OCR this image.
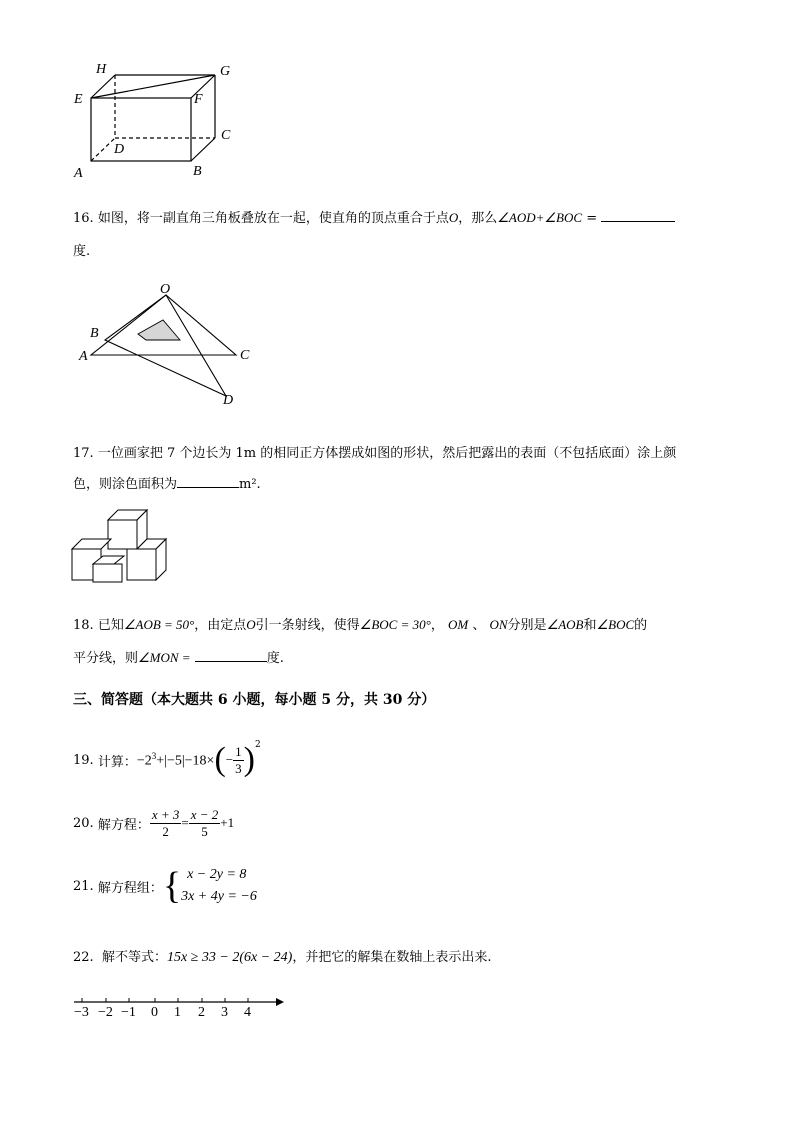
H	G
E	F
C
D
A	B
16. 如图，将一副直角三角板叠放在一起，使直角的顶点重合于点O，那么∠AOD+∠BOC =
度.
O
B
A	C
D
17. 一位画家把 7 个边长为 1m 的相同正方体摆成如图的形状，然后把露出的表面（不包括底面）涂上颜
色，则涂色面积为	m².
18. 已知∠AOB = 50°，由定点O引一条射线，使得∠BOC = 30°， OM 、 ON分别是∠AOB和∠BOC的
平分线，则∠MON =	度.
三、简答题（本大题共 6 小题，每小题 5 分，共 30 分）
19.
计算： $-2^3+|-5|-18\times$ ( − $\frac{1}{3} )^2$
20.
解方程： $\frac{x + 3}{2} = \frac{x - 2}{5} +1$
21.
解方程组： { x − 2y = 8
3x + 4y = −6
22. 解不等式：15x ≥ 33 − 2(6x − 24)，并把它的解集在数轴上表示出来.
−3 −2 −1 0 1 2 3 4
